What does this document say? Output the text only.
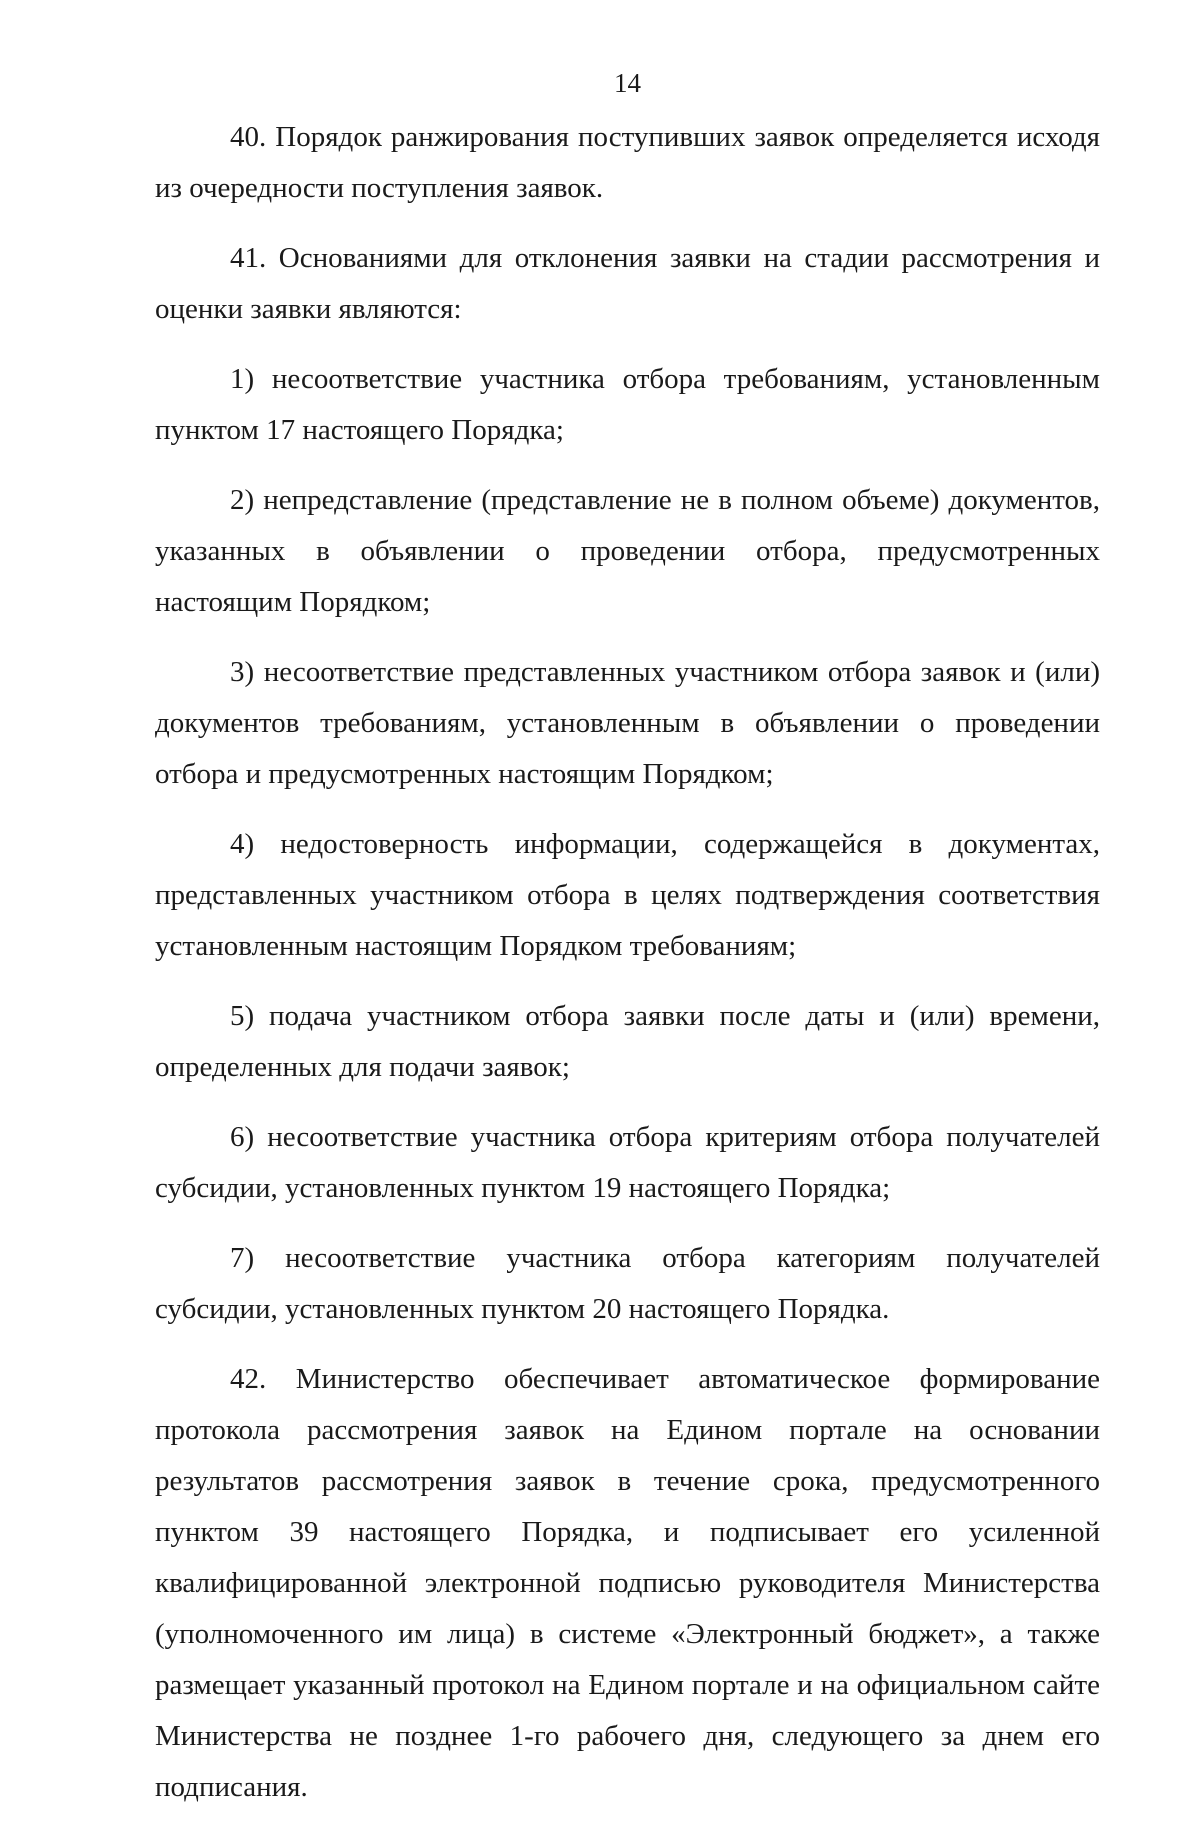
14

40. Порядок ранжирования поступивших заявок определяется исходя из очередности поступления заявок.

41. Основаниями для отклонения заявки на стадии рассмотрения и оценки заявки являются:

1) несоответствие участника отбора требованиям, установленным пунктом 17 настоящего Порядка;

2) непредставление (представление не в полном объеме) документов, указанных в объявлении о проведении отбора, предусмотренных настоящим Порядком;

3) несоответствие представленных участником отбора заявок и (или) документов требованиям, установленным в объявлении о проведении отбора и предусмотренных настоящим Порядком;

4) недостоверность информации, содержащейся в документах, представленных участником отбора в целях подтверждения соответствия установленным настоящим Порядком требованиям;

5) подача участником отбора заявки после даты и (или) времени, определенных для подачи заявок;

6) несоответствие участника отбора критериям отбора получателей субсидии, установленных пунктом 19 настоящего Порядка;

7) несоответствие участника отбора категориям получателей субсидии, установленных пунктом 20 настоящего Порядка.

42. Министерство обеспечивает автоматическое формирование протокола рассмотрения заявок на Едином портале на основании результатов рассмотрения заявок в течение срока, предусмотренного пунктом 39 настоящего Порядка, и подписывает его усиленной квалифицированной электронной подписью руководителя Министерства (уполномоченного им лица) в системе «Электронный бюджет», а также размещает указанный протокол на Едином портале и на официальном сайте Министерства не позднее 1-го рабочего дня, следующего за днем его подписания.
